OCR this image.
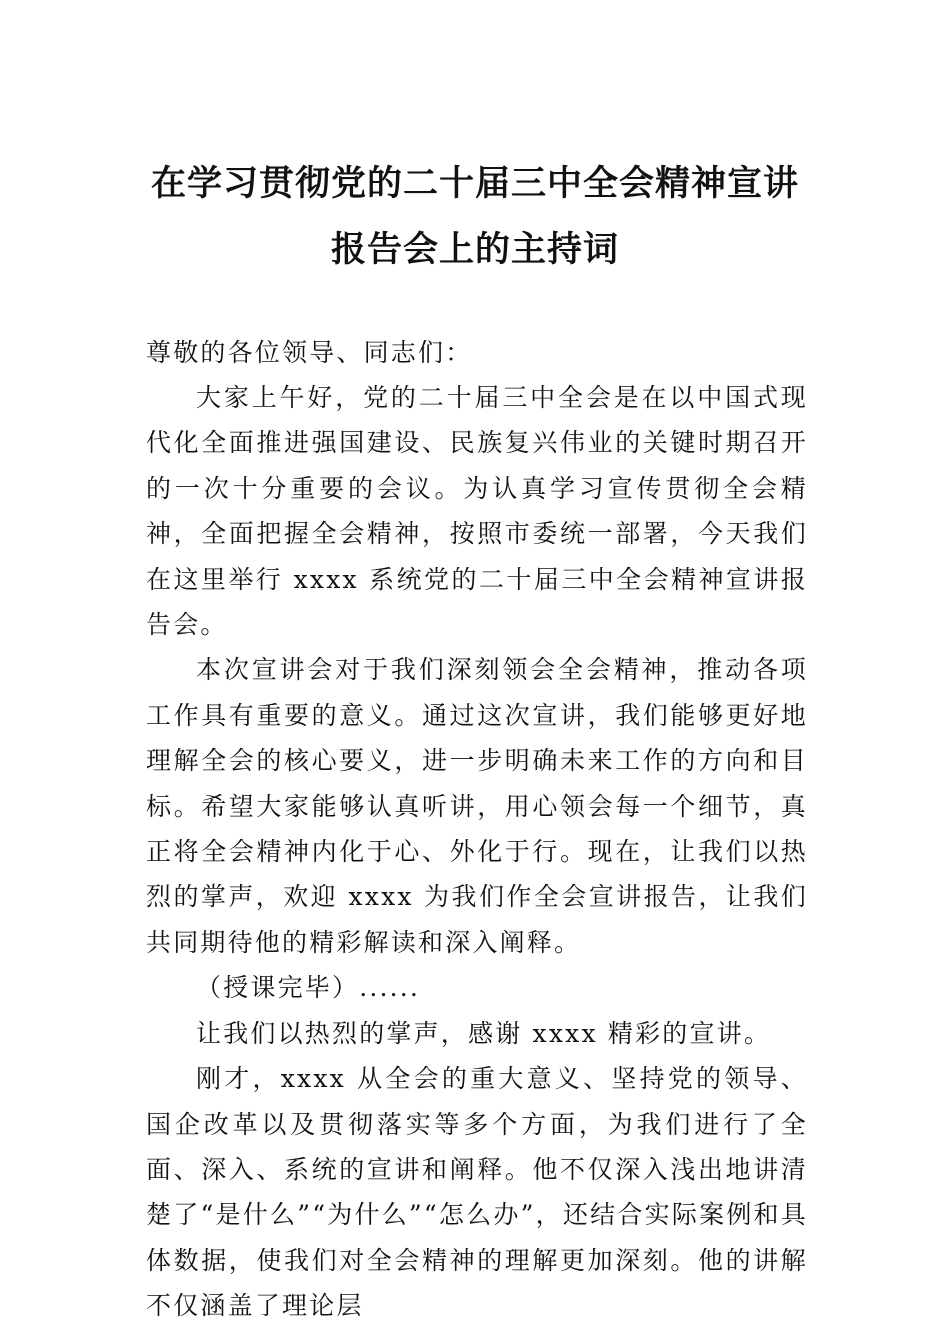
在学习贯彻党的二十届三中全会精神宣讲
报告会上的主持词
尊敬的各位领导、同志们：

大家上午好，党的二十届三中全会是在以中国式现代化全面推进强国建设、民族复兴伟业的关键时期召开的一次十分重要的会议。为认真学习宣传贯彻全会精神，全面把握全会精神，按照市委统一部署，今天我们在这里举行 xxxx 系统党的二十届三中全会精神宣讲报告会。

本次宣讲会对于我们深刻领会全会精神，推动各项工作具有重要的意义。通过这次宣讲，我们能够更好地理解全会的核心要义，进一步明确未来工作的方向和目标。希望大家能够认真听讲，用心领会每一个细节，真正将全会精神内化于心、外化于行。现在，让我们以热烈的掌声，欢迎 xxxx 为我们作全会宣讲报告，让我们共同期待他的精彩解读和深入阐释。

（授课完毕）......

让我们以热烈的掌声，感谢 xxxx 精彩的宣讲。

刚才，xxxx 从全会的重大意义、坚持党的领导、国企改革以及贯彻落实等多个方面，为我们进行了全面、深入、系统的宣讲和阐释。他不仅深入浅出地讲清楚了“是什么”“为什么”“怎么办”，还结合实际案例和具体数据，使我们对全会精神的理解更加深刻。他的讲解不仅涵盖了理论层
